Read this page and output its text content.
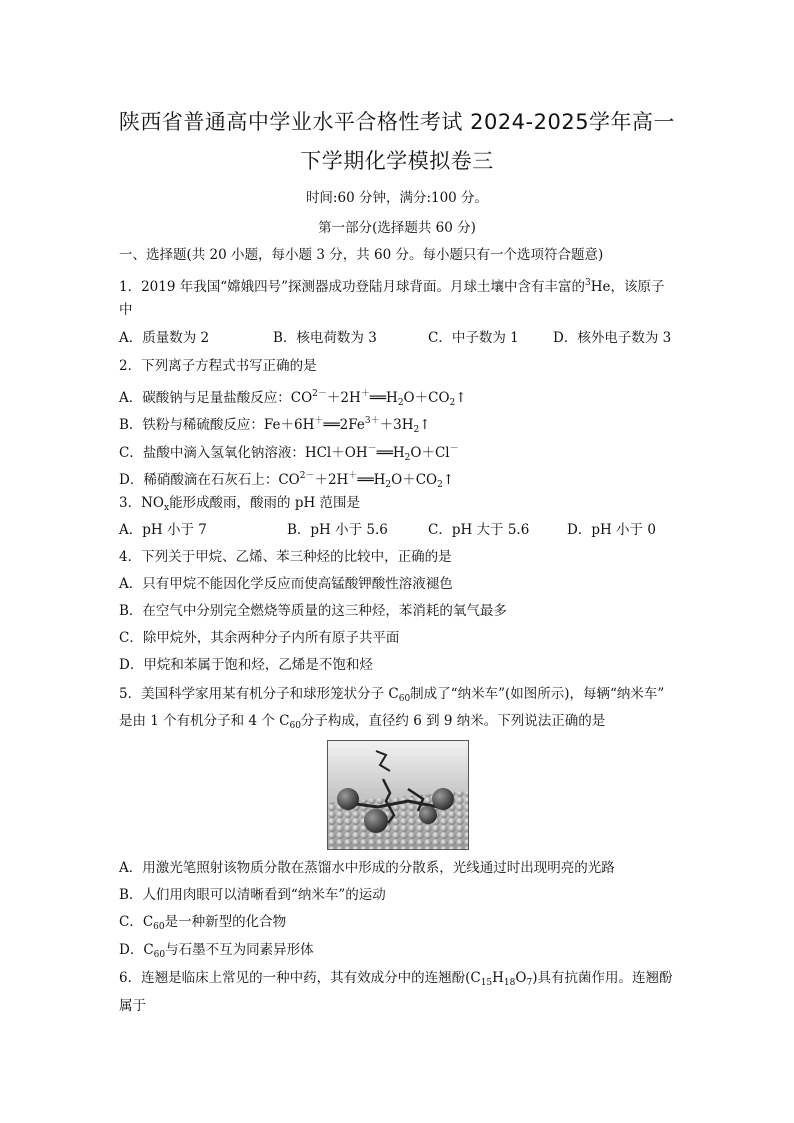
陕西省普通高中学业水平合格性考试 2024-2025学年高一
下学期化学模拟卷三
时间:60 分钟，满分:100 分。
第一部分(选择题共 60 分)
一、选择题(共 20 小题，每小题 3 分，共 60 分。每小题只有一个选项符合题意)
1．2019 年我国“嫦娥四号”探测器成功登陆月球背面。月球土壤中含有丰富的$^3$He，该原子
中
A．质量数为 2	B．核电荷数为 3	C．中子数为 1	D．核外电子数为 3
2．下列离子方程式书写正确的是
A．碳酸钠与足量盐酸反应：$CO^{2-}+2H^+══H_2O+CO_2↑$
B．铁粉与稀硫酸反应：$Fe+6H^+══2Fe^{3+}+3H_2↑$
C．盐酸中滴入氢氧化钠溶液：$HCl+OH^-══H_2O+Cl^-$
D．稀硝酸滴在石灰石上：$CO^{2-}+2H^+══H_2O+CO_2↑$
3．$NO_x$能形成酸雨，酸雨的 pH 范围是
A．pH 小于 7	B．pH 小于 5.6	C．pH 大于 5.6	D．pH 小于 0
4．下列关于甲烷、乙烯、苯三种烃的比较中，正确的是
A．只有甲烷不能因化学反应而使高锰酸钾酸性溶液褪色
B．在空气中分别完全燃烧等质量的这三种烃，苯消耗的氧气最多
C．除甲烷外，其余两种分子内所有原子共平面
D．甲烷和苯属于饱和烃，乙烯是不饱和烃
5．美国科学家用某有机分子和球形笼状分子 $C_{60}$制成了“纳米车”(如图所示)，每辆“纳米车”
是由 1 个有机分子和 4 个 $C_{60}$分子构成，直径约 6 到 9 纳米。下列说法正确的是
A．用激光笔照射该物质分散在蒸馏水中形成的分散系，光线通过时出现明亮的光路
B．人们用肉眼可以清晰看到“纳米车”的运动
C．$C_{60}$是一种新型的化合物
D．$C_{60}$与石墨不互为同素异形体
6．连翘是临床上常见的一种中药，其有效成分中的连翘酚$(C_{15}H_{18}O_7)$具有抗菌作用。连翘酚
属于
